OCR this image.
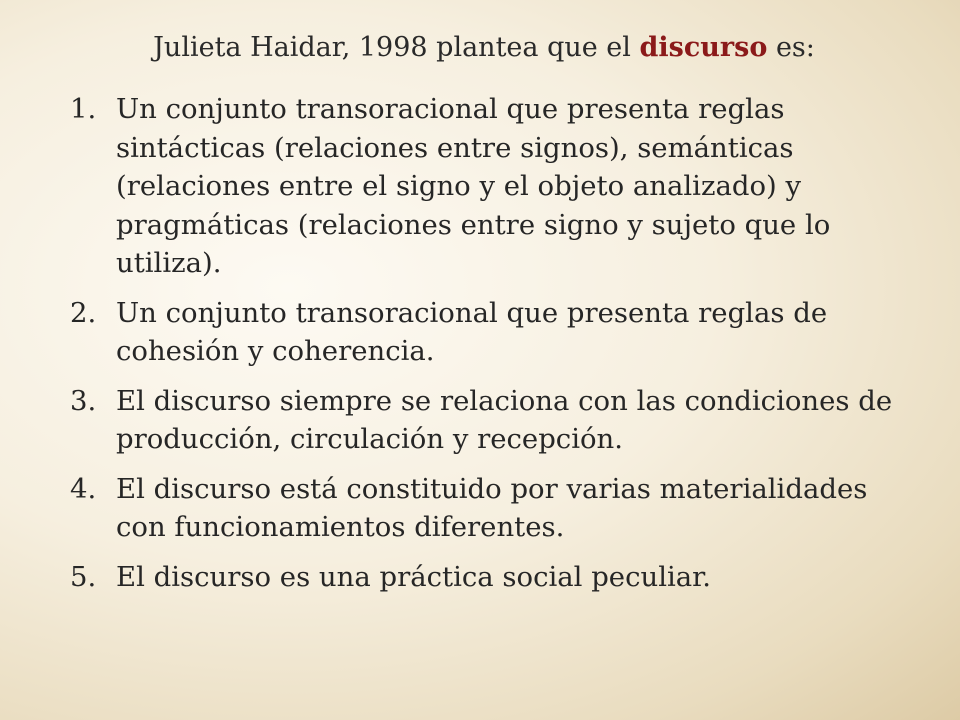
Julieta Haidar, 1998 plantea que el discurso es:
1. Un conjunto transoracional que presenta reglas sintácticas (relaciones entre signos), semánticas (relaciones entre el signo y el objeto analizado) y pragmáticas (relaciones entre signo y sujeto que lo utiliza).
2. Un conjunto transoracional que presenta reglas de cohesión y coherencia.
3. El discurso siempre se relaciona con las condiciones de producción, circulación y recepción.
4. El discurso está constituido por varias materialidades con funcionamientos diferentes.
5. El discurso es una práctica social peculiar.
